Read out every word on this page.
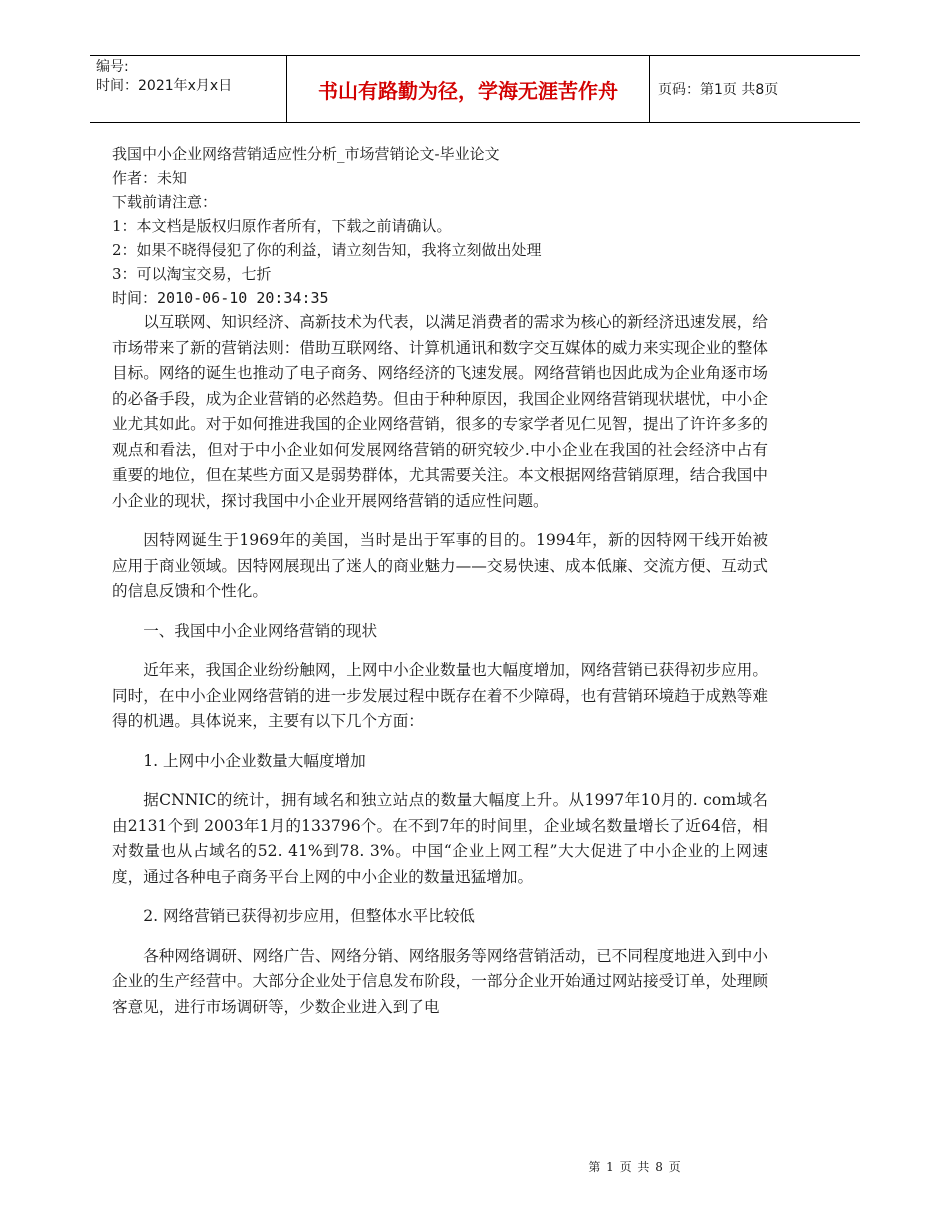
编号:
时间：2021年x月x日	书山有路勤为径，学海无涯苦作舟	页码：第1页 共8页

我国中小企业网络营销适应性分析_市场营销论文-毕业论文

作者：未知

下载前请注意：

1：本文档是版权归原作者所有，下载之前请确认。

2：如果不晓得侵犯了你的利益，请立刻告知，我将立刻做出处理

3：可以淘宝交易，七折

时间：2010-06-10 20:34:35

以互联网、知识经济、高新技术为代表，以满足消费者的需求为核心的新经济迅速发展，给市场带来了新的营销法则：借助互联网络、计算机通讯和数字交互媒体的威力来实现企业的整体目标。网络的诞生也推动了电子商务、网络经济的飞速发展。网络营销也因此成为企业角逐市场的必备手段，成为企业营销的必然趋势。但由于种种原因，我国企业网络营销现状堪忧，中小企业尤其如此。对于如何推进我国的企业网络营销，很多的专家学者见仁见智，提出了许许多多的观点和看法，但对于中小企业如何发展网络营销的研究较少.中小企业在我国的社会经济中占有重要的地位，但在某些方面又是弱势群体，尤其需要关注。本文根据网络营销原理，结合我国中小企业的现状，探讨我国中小企业开展网络营销的适应性问题。

因特网诞生于1969年的美国，当时是出于军事的目的。1994年，新的因特网干线开始被应用于商业领域。因特网展现出了迷人的商业魅力——交易快速、成本低廉、交流方便、互动式的信息反馈和个性化。

一、我国中小企业网络营销的现状

近年来，我国企业纷纷触网，上网中小企业数量也大幅度增加，网络营销已获得初步应用。同时，在中小企业网络营销的进一步发展过程中既存在着不少障碍，也有营销环境趋于成熟等难得的机遇。具体说来，主要有以下几个方面：

1. 上网中小企业数量大幅度增加

据CNNIC的统计，拥有域名和独立站点的数量大幅度上升。从1997年10月的. com域名由2131个到 2003年1月的133796个。在不到7年的时间里，企业域名数量增长了近64倍，相对数量也从占域名的52. 41%到78. 3%。中国“企业上网工程”大大促进了中小企业的上网速度，通过各种电子商务平台上网的中小企业的数量迅猛增加。

2. 网络营销已获得初步应用，但整体水平比较低

各种网络调研、网络广告、网络分销、网络服务等网络营销活动，已不同程度地进入到中小企业的生产经营中。大部分企业处于信息发布阶段，一部分企业开始通过网站接受订单，处理顾客意见，进行市场调研等，少数企业进入到了电

第 1 页 共 8 页
